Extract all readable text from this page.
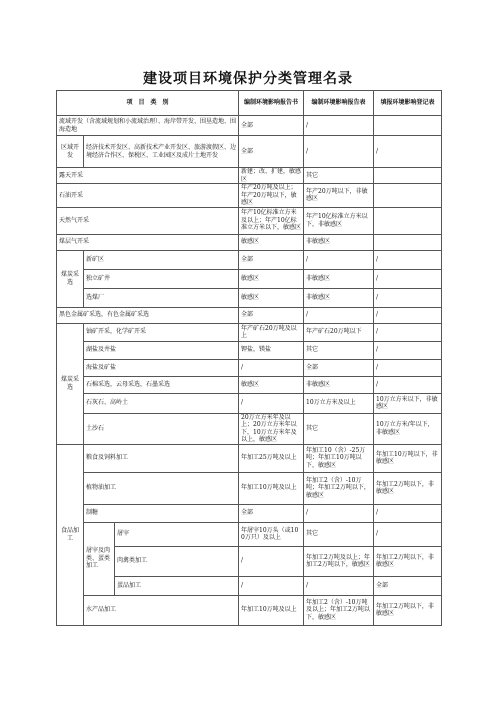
建设项目环境保护分类管理名录
项　目　类　别			编制环境影响报告书	编制环境影响报告表	填报环境影响登记表
流域开发（含流域规划和小流域治理）、海岸带开发、围垦造地、围海造地			全部	/	
区域开发	经济技术开发区、高新技术产业开发区、旅游渡假区、边境经济合作区、保税区、工业园区及成片土地开发		全部	/	/
露天开采			新建；改、扩建，敏感区	其它	
石油开采			年产20万吨及以上；年产20万吨以下，敏感区	年产20万吨以下，非敏感区	
天然气开采			年产10亿标准立方米及以上；年产10亿标准立方米以下，敏感区	年产10亿标准立方米以下，非敏感区	
煤层气开采			敏感区	非敏感区	
煤炭采选	新矿区		全部	/	/
	独立矿井		敏感区	非敏感区	/
	选煤厂		敏感区	非敏感区	/
黑色金属矿采选，有色金属矿采选			全部	/	/
煤炭采选	铀矿开采，化学矿开采		年产矿石20万吨及以上	年产矿石20万吨以下	/
	湖盐及井盐		钾盐，镁盐	其它	/
	海盐及矿盐		/	全部	/
	石棉采选，云母采选，石墨采选		敏感区	非敏感区	/
	石灰石、高岭土		/	10万立方米及以上	10万立方米以下，非敏感区
	土沙石		20万立方米年及以上；20万立方米年以下，10万立方米年及以上，敏感区	其它	10万立方米/年以下，非敏感区
食品加工	粮食及饲料加工		年加工25万吨及以上	年加工10（含）-25万吨；年加工10万吨以下，敏感区	年加工10万吨以下，非敏感区
	植物油加工		年加工10万吨及以上	年加工2（含）-10万吨；年加工2万吨以下，敏感区	年加工2万吨以下，非敏感区
	制糖		全部	/	/
	屠宰及肉类、蛋类加工	屠宰	年屠宰10万头（或100万只）及以上	其它	/
		肉禽类加工	/	年加工2万吨及以上；年加工2万吨以下，敏感区	年加工2万吨以下，非敏感区
		蛋品加工	/	/	全部
	水产品加工		年加工10万吨及以上	年加工2（含）-10万吨及以上；年加工2万吨以下，敏感区	年加工2万吨以下，非敏感区
